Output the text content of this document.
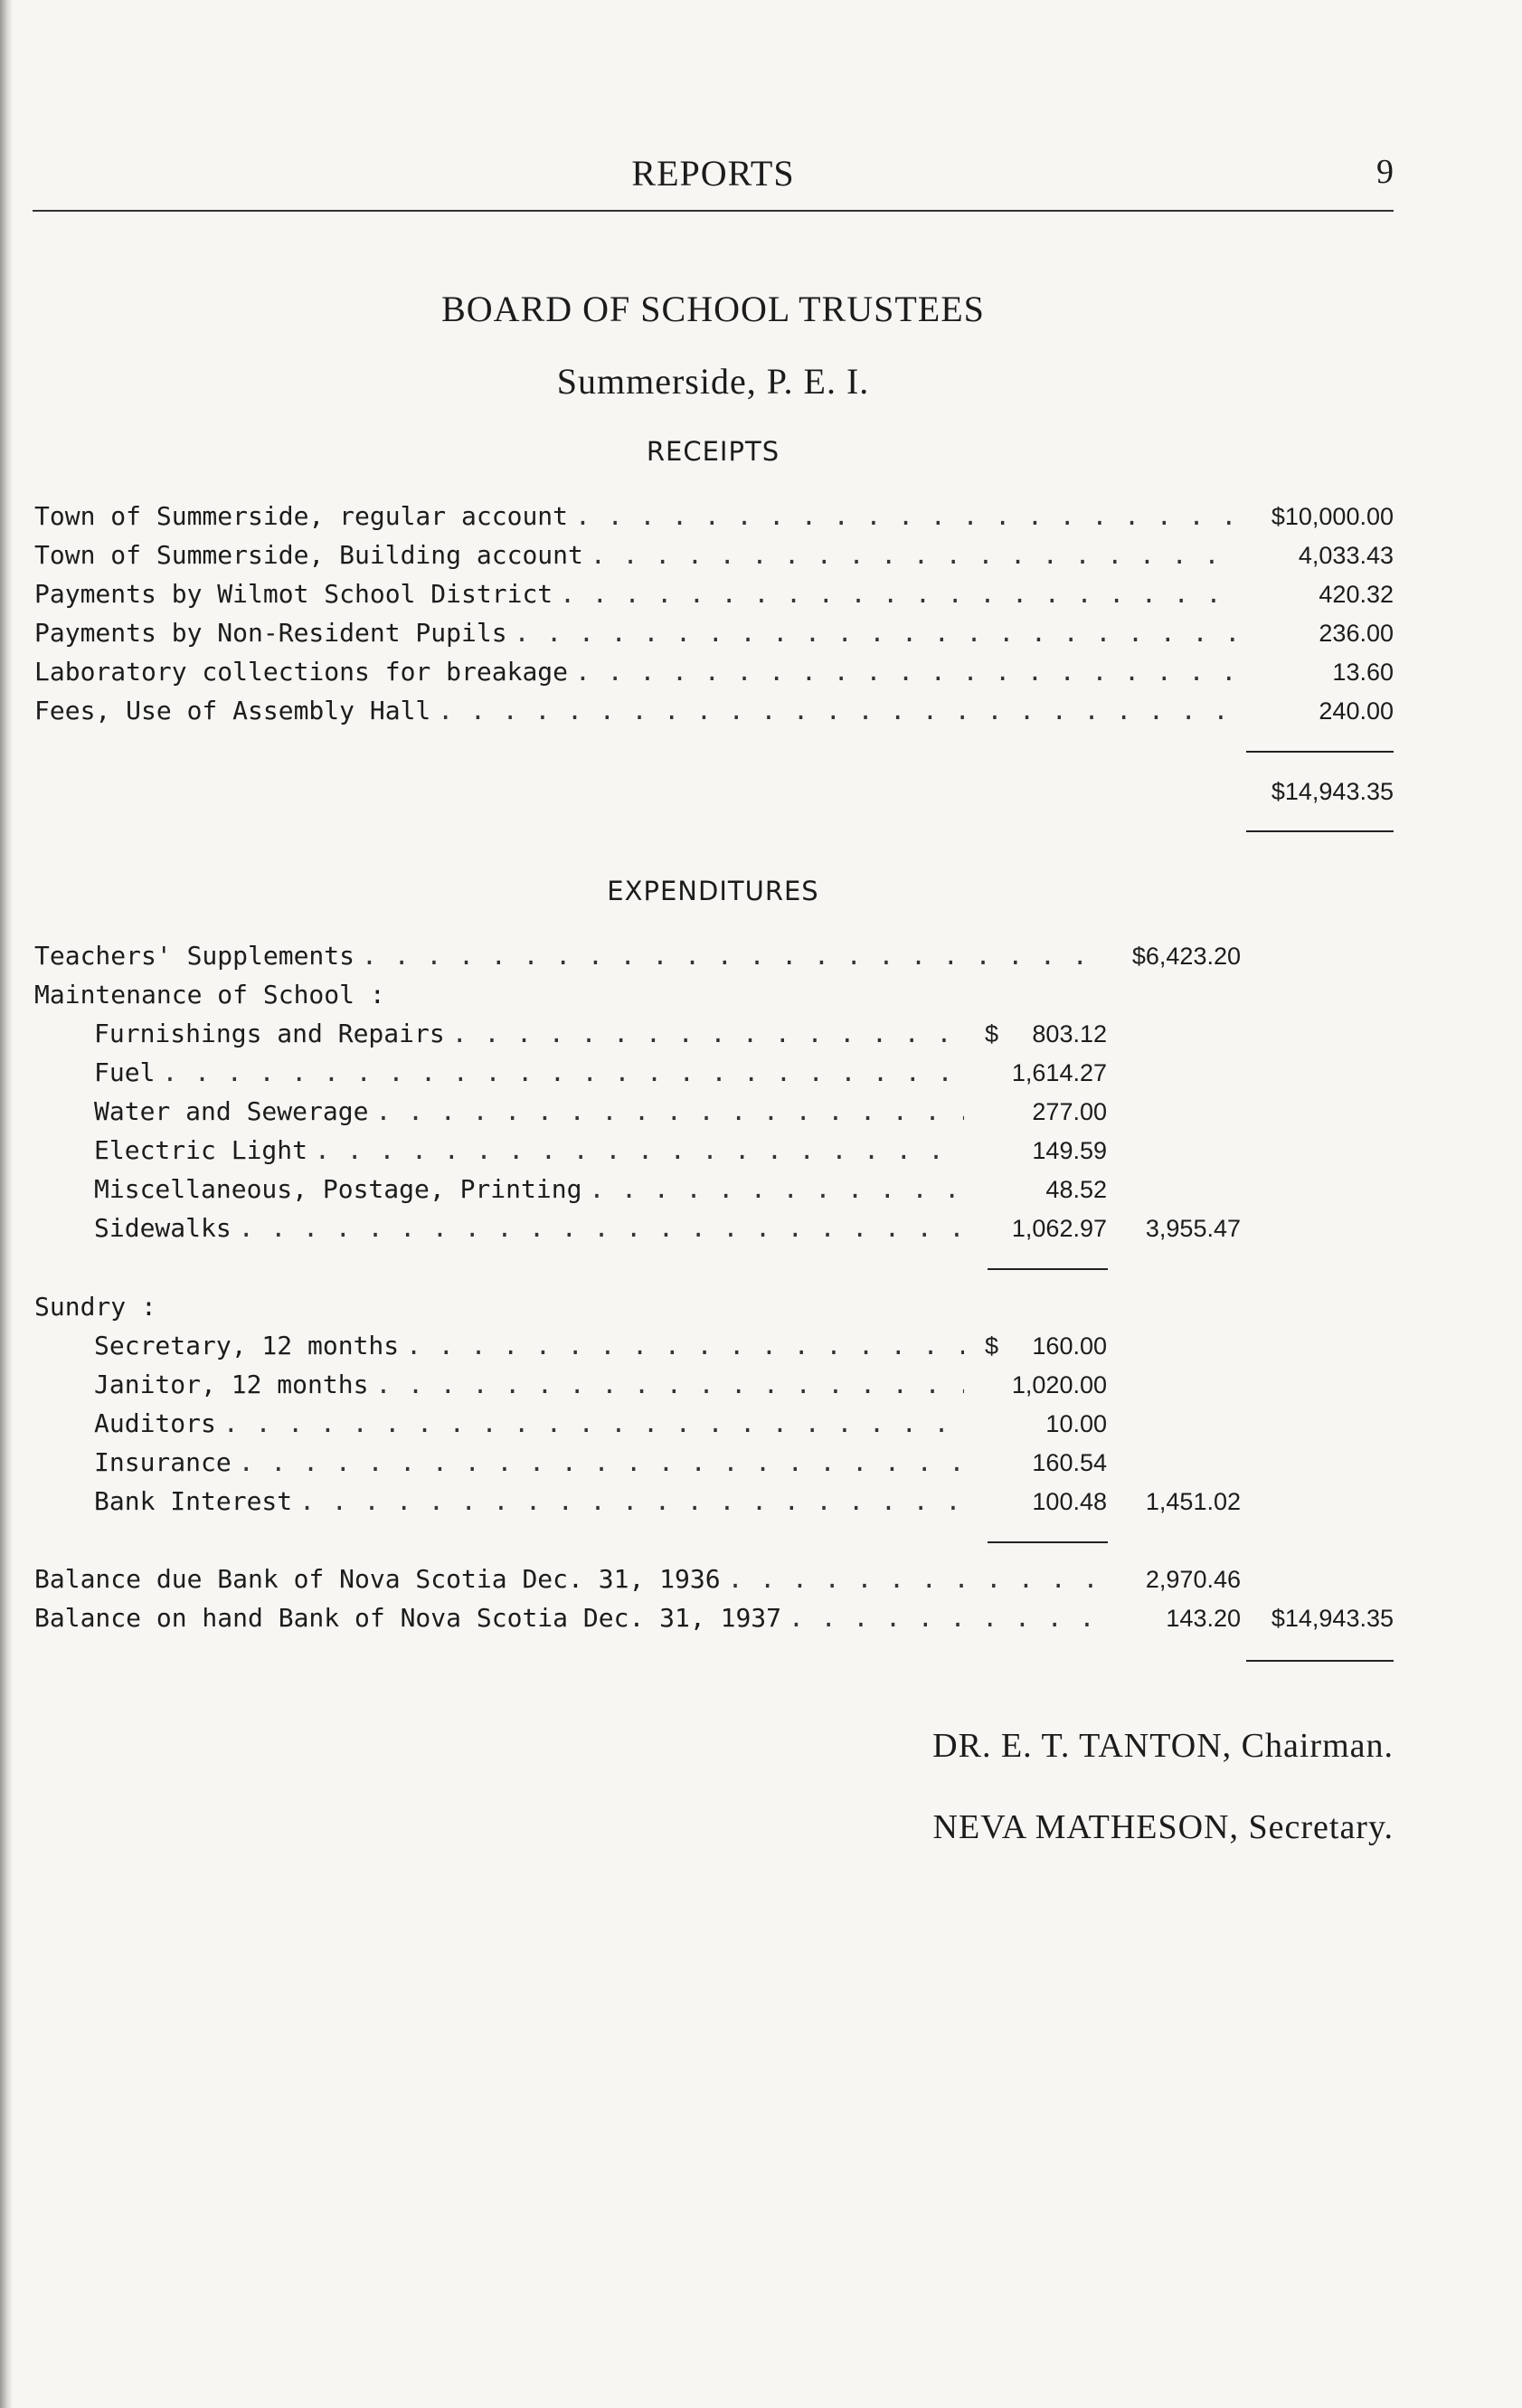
REPORTS	9
BOARD OF SCHOOL TRUSTEES
Summerside, P. E. I.
RECEIPTS
Town of Summerside, regular account . . .	$10,000.00
Town of Summerside, Building account . . .	4,033.43
Payments by Wilmot School District . . .	420.32
Payments by Non-Resident Pupils . . .	236.00
Laboratory collections for breakage . . .	13.60
Fees, Use of Assembly Hall . . .	240.00
$14,943.35
EXPENDITURES
Teachers' Supplements . . .	$6,423.20
Maintenance of School :
Furnishings and Repairs . . .	$ 803.12
Fuel . . .	1,614.27
Water and Sewerage . . .	277.00
Electric Light . . .	149.59
Miscellaneous, Postage, Printing . . .	48.52
Sidewalks . . .	1,062.97 3,955.47
Sundry :
Secretary, 12 months . . .	$ 160.00
Janitor, 12 months . . .	1,020.00
Auditors . . .	10.00
Insurance . . .	160.54
Bank Interest . . .	100.48 1,451.02
Balance due Bank of Nova Scotia Dec. 31, 1936 . . .	2,970.46
Balance on hand Bank of Nova Scotia Dec. 31, 1937 . . .	143.20 $14,943.35
DR. E. T. TANTON, Chairman.
NEVA MATHESON, Secretary.
